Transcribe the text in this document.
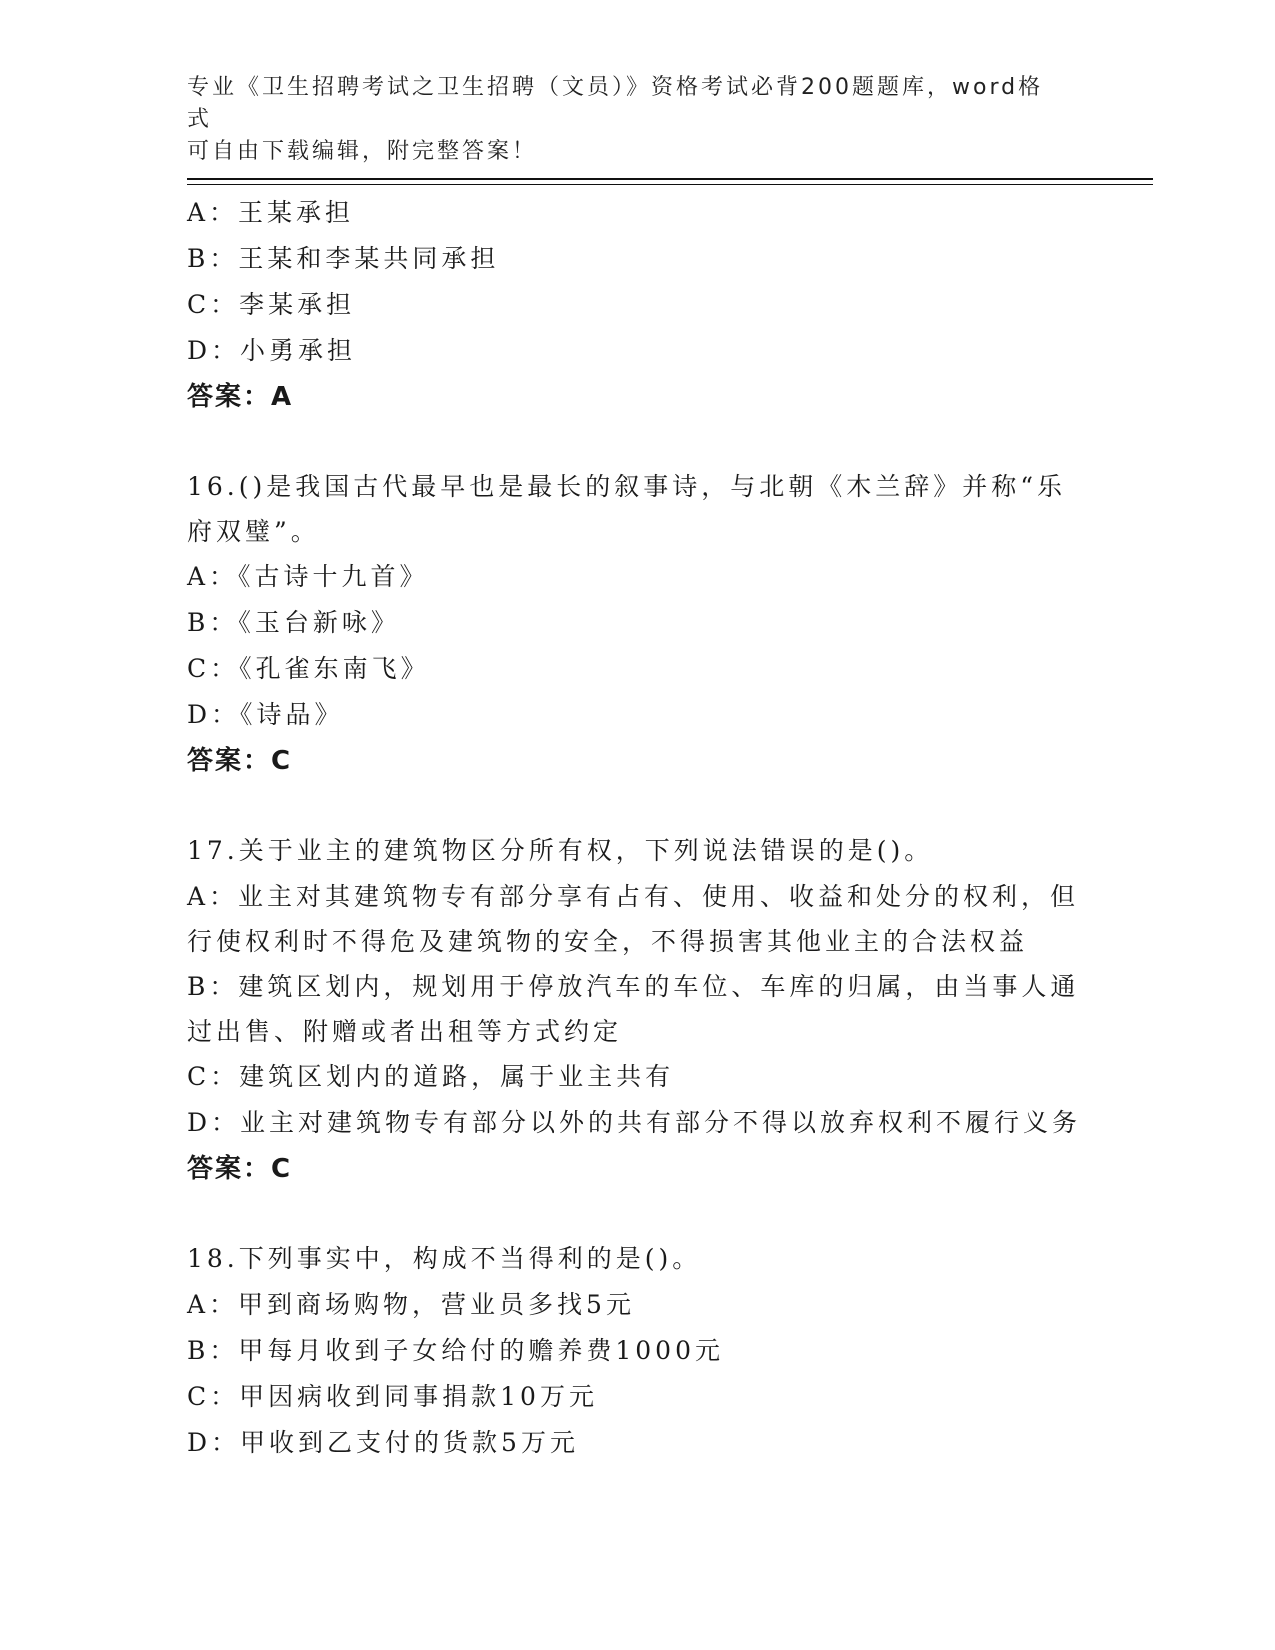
专业《卫生招聘考试之卫生招聘（文员）》资格考试必背200题题库，word格式
可自由下载编辑，附完整答案！
A：王某承担
B：王某和李某共同承担
C：李某承担
D：小勇承担
答案：A
16.()是我国古代最早也是最长的叙事诗，与北朝《木兰辞》并称“乐府双璧”。
A：《古诗十九首》
B：《玉台新咏》
C：《孔雀东南飞》
D：《诗品》
答案：C
17.关于业主的建筑物区分所有权，下列说法错误的是()。
A：业主对其建筑物专有部分享有占有、使用、收益和处分的权利，但行使权利时不得危及建筑物的安全，不得损害其他业主的合法权益
B：建筑区划内，规划用于停放汽车的车位、车库的归属，由当事人通过出售、附赠或者出租等方式约定
C：建筑区划内的道路，属于业主共有
D：业主对建筑物专有部分以外的共有部分不得以放弃权利不履行义务
答案：C
18.下列事实中，构成不当得利的是()。
A：甲到商场购物，营业员多找5元
B：甲每月收到子女给付的赡养费1000元
C：甲因病收到同事捐款10万元
D：甲收到乙支付的货款5万元
